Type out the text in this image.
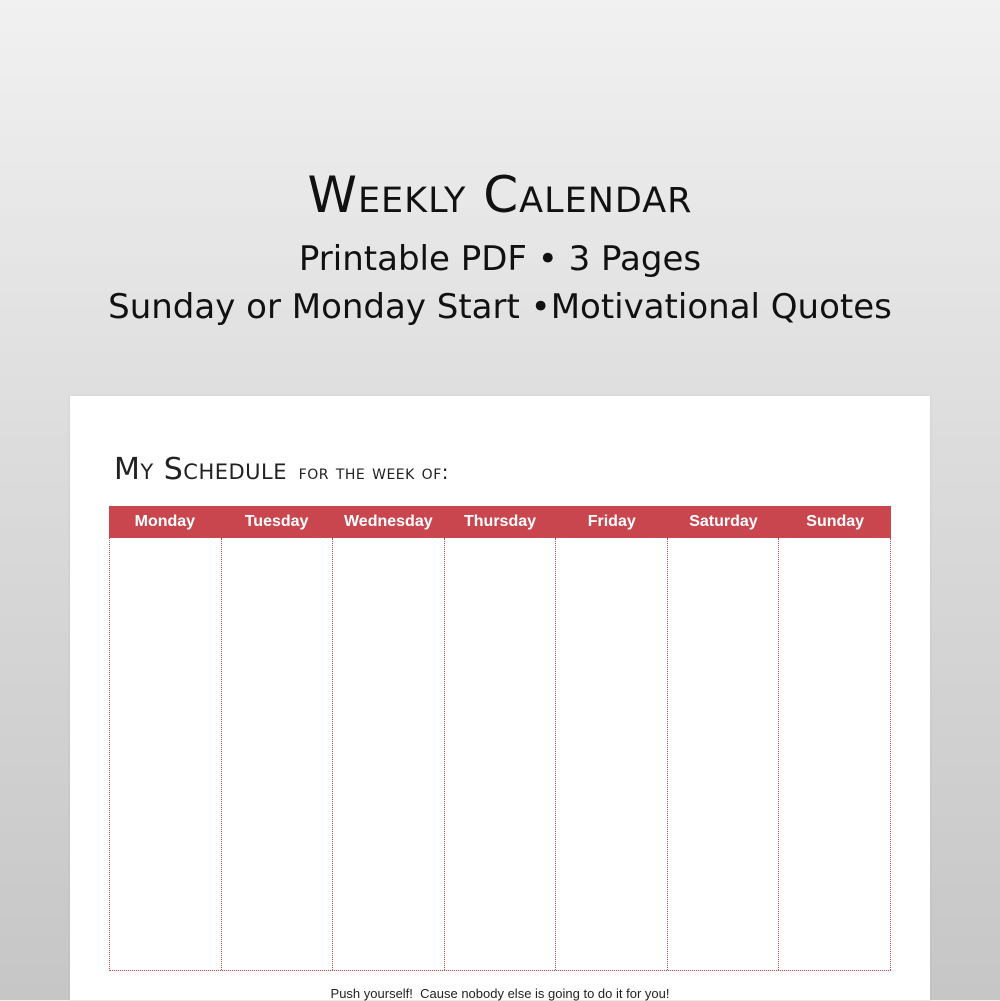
Weekly Calendar
Printable PDF • 3 Pages
Sunday or Monday Start •Motivational Quotes
My Schedule for the week of:
Monday	Tuesday	Wednesday	Thursday	Friday	Saturday	Sunday
Push yourself!  Cause nobody else is going to do it for you!
